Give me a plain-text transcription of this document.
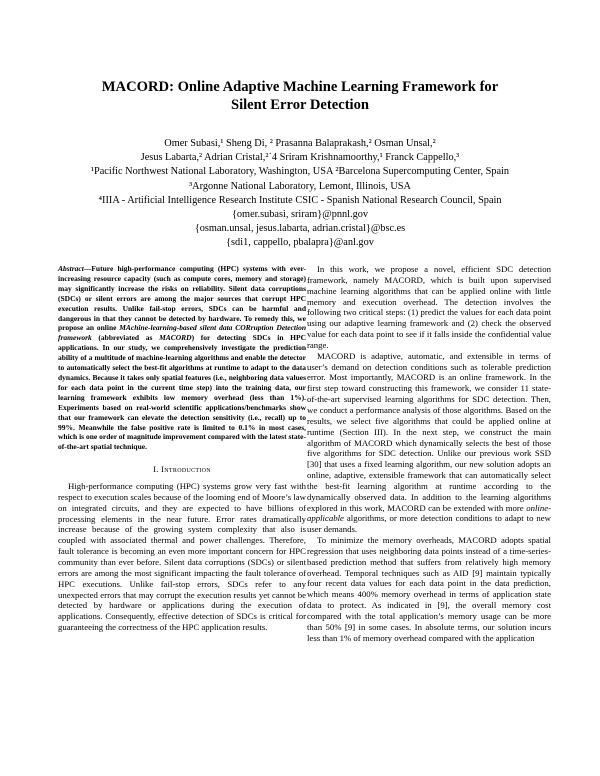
MACORD: Online Adaptive Machine Learning Framework for
Silent Error Detection
Omer Subasi,¹ Sheng Di, ² Prasanna Balaprakash,² Osman Unsal,²
Jesus Labarta,² Adrian Cristal,²˙4 Sriram Krishnamoorthy,¹ Franck Cappello,³
¹Pacific Northwest National Laboratory, Washington, USA ²Barcelona Supercomputing Center, Spain
³Argonne National Laboratory, Lemont, Illinois, USA
⁴IIIA - Artificial Intelligence Research Institute CSIC - Spanish National Research Council, Spain
{omer.subasi, sriram}@pnnl.gov
{osman.unsal, jesus.labarta, adrian.cristal}@bsc.es
{sdi1, cappello, pbalapra}@anl.gov
Abstract—Future high-performance computing (HPC) systems with ever-increasing resource capacity (such as compute cores, memory and storage) may significantly increase the risks on reliability. Silent data corruptions (SDCs) or silent errors are among the major sources that corrupt HPC execution results. Unlike fail-stop errors, SDCs can be harmful and dangerous in that they cannot be detected by hardware. To remedy this, we propose an online MAchine-learning-based silent data CORruption Detection framework (abbreviated as MACORD) for detecting SDCs in HPC applications. In our study, we comprehensively investigate the prediction ability of a multitude of machine-learning algorithms and enable the detector to automatically select the best-fit algorithms at runtime to adapt to the data dynamics. Because it takes only spatial features (i.e., neighboring data values for each data point in the current time step) into the training data, our learning framework exhibits low memory overhead (less than 1%). Experiments based on real-world scientific applications/benchmarks show that our framework can elevate the detection sensitivity (i.e., recall) up to 99%. Meanwhile the false positive rate is limited to 0.1% in most cases, which is one order of magnitude improvement compared with the latest state-of-the-art spatial technique.
I. Introduction

High-performance computing (HPC) systems grow very fast with respect to execution scales because of the looming end of Moore’s law on integrated circuits, and they are expected to have billions of processing elements in the near future. Error rates dramatically increase because of the growing system complexity that also is coupled with associated thermal and power challenges. Therefore, fault tolerance is becoming an even more important concern for HPC community than ever before. Silent data corruptions (SDCs) or silent errors are among the most significant impacting the fault tolerance of HPC executions. Unlike fail-stop errors, SDCs refer to any unexpected errors that may corrupt the execution results yet cannot be detected by hardware or applications during the execution of applications. Consequently, effective detection of SDCs is critical for guaranteeing the correctness of the HPC application results.

In this work, we propose a novel, efficient SDC detection framework, namely MACORD, which is built upon supervised machine learning algorithms that can be applied online with little memory and execution overhead. The detection involves the following two critical steps: (1) predict the values for each data point using our adaptive learning framework and (2) check the observed value for each data point to see if it falls inside the confidential value range.

MACORD is adaptive, automatic, and extensible in terms of user’s demand on detection conditions such as tolerable prediction error. Most importantly, MACORD is an online framework. In the first step toward constructing this framework, we consider 11 state-of-the-art supervised learning algorithms for SDC detection. Then, we conduct a performance analysis of those algorithms. Based on the results, we select five algorithms that could be applied online at runtime (Section III). In the next step, we construct the main algorithm of MACORD which dynamically selects the best of those five algorithms for SDC detection. Unlike our previous work SSD [30] that uses a fixed learning algorithm, our new solution adopts an online, adaptive, extensible framework that can automatically select the best-fit learning algorithm at runtime according to the dynamically observed data. In addition to the learning algorithms explored in this work, MACORD can be extended with more online-applicable algorithms, or more detection conditions to adapt to new user demands.

To minimize the memory overheads, MACORD adopts spatial regression that uses neighboring data points instead of a time-series-based prediction method that suffers from relatively high memory overhead. Temporal techniques such as AID [9] maintain typically four recent data values for each data point in the data prediction, which means 400% memory overhead in terms of application state data to protect. As indicated in [9], the overall memory cost compared with the total application’s memory usage can be more than 50% [9] in some cases. In absolute terms, our solution incurs less than 1% of memory overhead compared with the application
